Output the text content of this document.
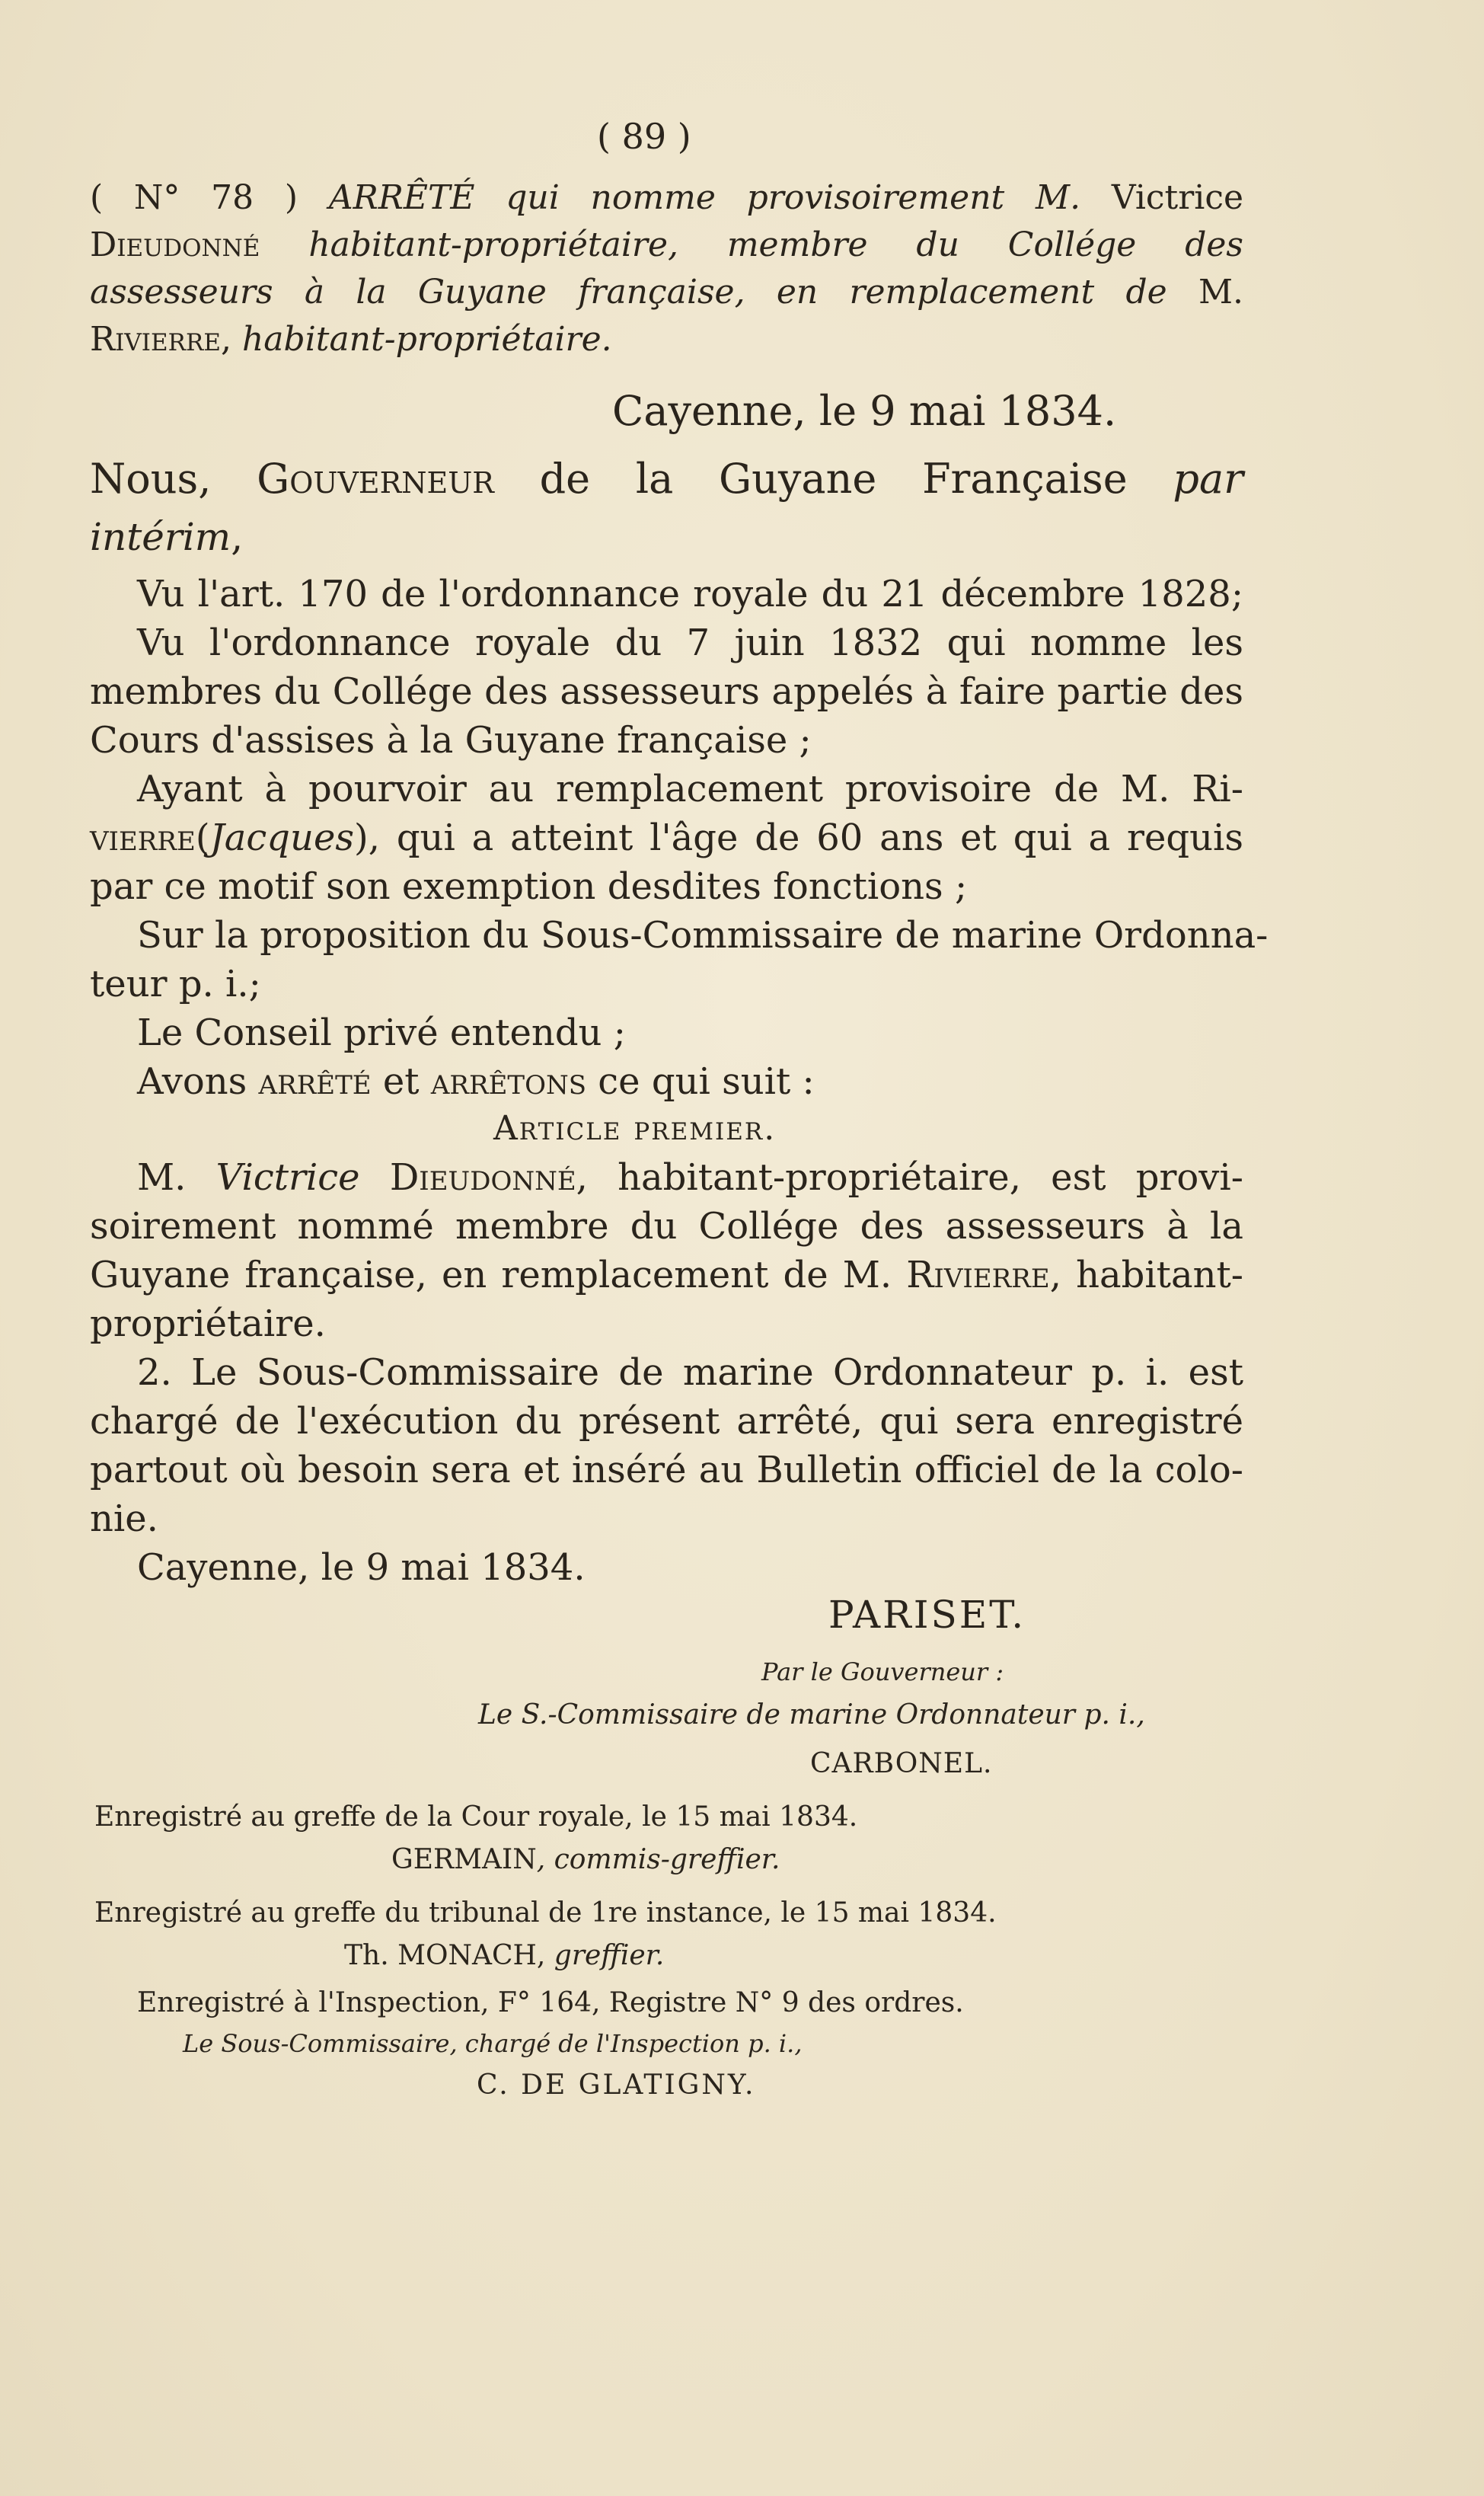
( 89 )
( N° 78 ) ARRÊTÉ qui nomme provisoirement M. Victrice
Dieudonné habitant-propriétaire, membre du Collége des
assesseurs à la Guyane française, en remplacement de M.
Rivierre, habitant-propriétaire.
Cayenne, le 9 mai 1834.
Nous, Gouverneur de la Guyane Française par
intérim,
Vu l'art. 170 de l'ordonnance royale du 21 décembre 1828;
Vu l'ordonnance royale du 7 juin 1832 qui nomme les
membres du Collége des assesseurs appelés à faire partie des
Cours d'assises à la Guyane française ;
Ayant à pourvoir au remplacement provisoire de M. Ri-
vierre(Jacques), qui a atteint l'âge de 60 ans et qui a requis
par ce motif son exemption desdites fonctions ;
Sur la proposition du Sous-Commissaire de marine Ordonna-
teur p. i.;
Le Conseil privé entendu ;
Avons arrêté et arrêtons ce qui suit :
Article premier.
M. Victrice Dieudonné, habitant-propriétaire, est provi-
soirement nommé membre du Collége des assesseurs à la
Guyane française, en remplacement de M. Rivierre, habitant-
propriétaire.
2. Le Sous-Commissaire de marine Ordonnateur p. i. est
chargé de l'exécution du présent arrêté, qui sera enregistré
partout où besoin sera et inséré au Bulletin officiel de la colo-
nie.
Cayenne, le 9 mai 1834.
PARISET.
Par le Gouverneur :
Le S.-Commissaire de marine Ordonnateur p. i.,
CARBONEL.
Enregistré au greffe de la Cour royale, le 15 mai 1834.
GERMAIN, commis-greffier.
Enregistré au greffe du tribunal de 1re instance, le 15 mai 1834.
Th. MONACH, greffier.
Enregistré à l'Inspection, F° 164, Registre N° 9 des ordres.
Le Sous-Commissaire, chargé de l'Inspection p. i.,
C. DE GLATIGNY.
